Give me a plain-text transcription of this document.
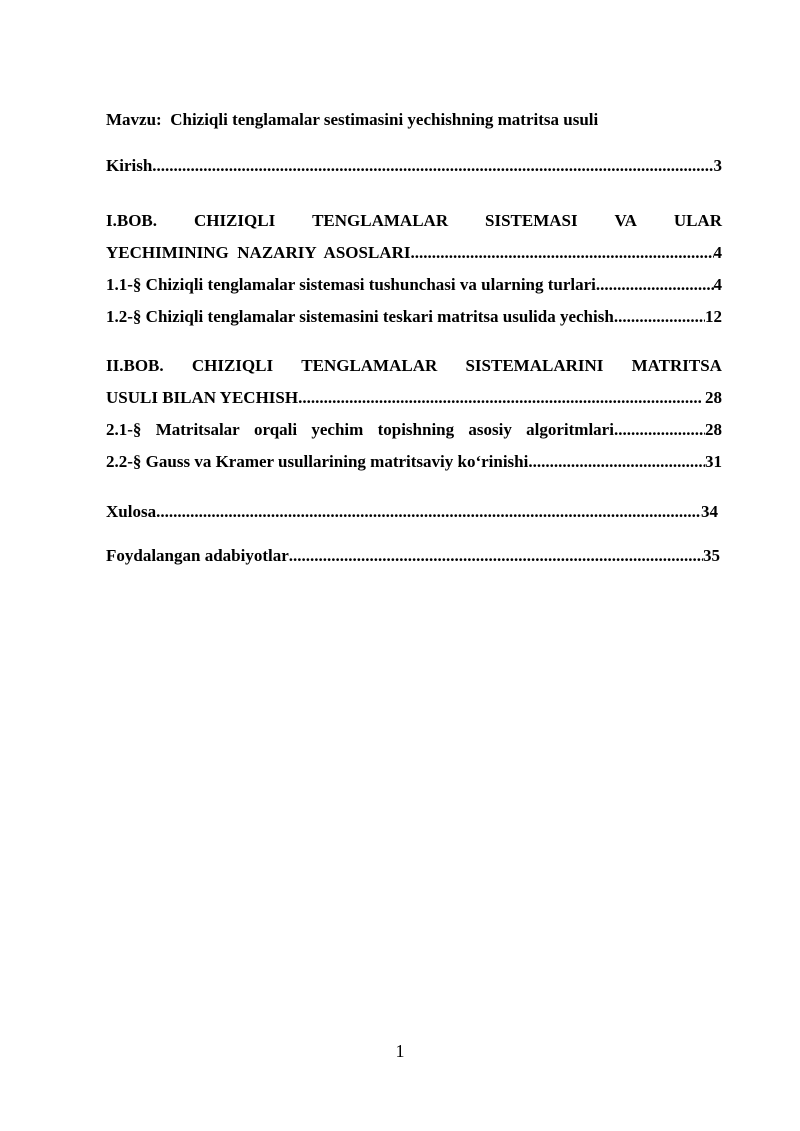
Mavzu:  Chiziqli tenglamalar sestimasini yechishning matritsa usuli
Kirish .....	3
I.BOB. CHIZIQLI TENGLAMALAR SISTEMASI VA ULAR
YECHIMINING  NAZARIY  ASOSLARI .....	4
1.1-§ Chiziqli tenglamalar sistemasi tushunchasi va ularning turlari .....	4
1.2-§ Chiziqli tenglamalar sistemasini teskari matritsa usulida yechish .....	12
II.BOB. CHIZIQLI TENGLAMALAR SISTEMALARINI MATRITSA
USULI BILAN YECHISH .....	28
2.1-§ Matritsalar orqali yechim topishning asosiy algoritmlari .....	28
2.2-§ Gauss va Kramer usullarining matritsaviy ko‘rinishi .....	31
Xulosa .....	34
Foydalangan adabiyotlar .....	35
1
